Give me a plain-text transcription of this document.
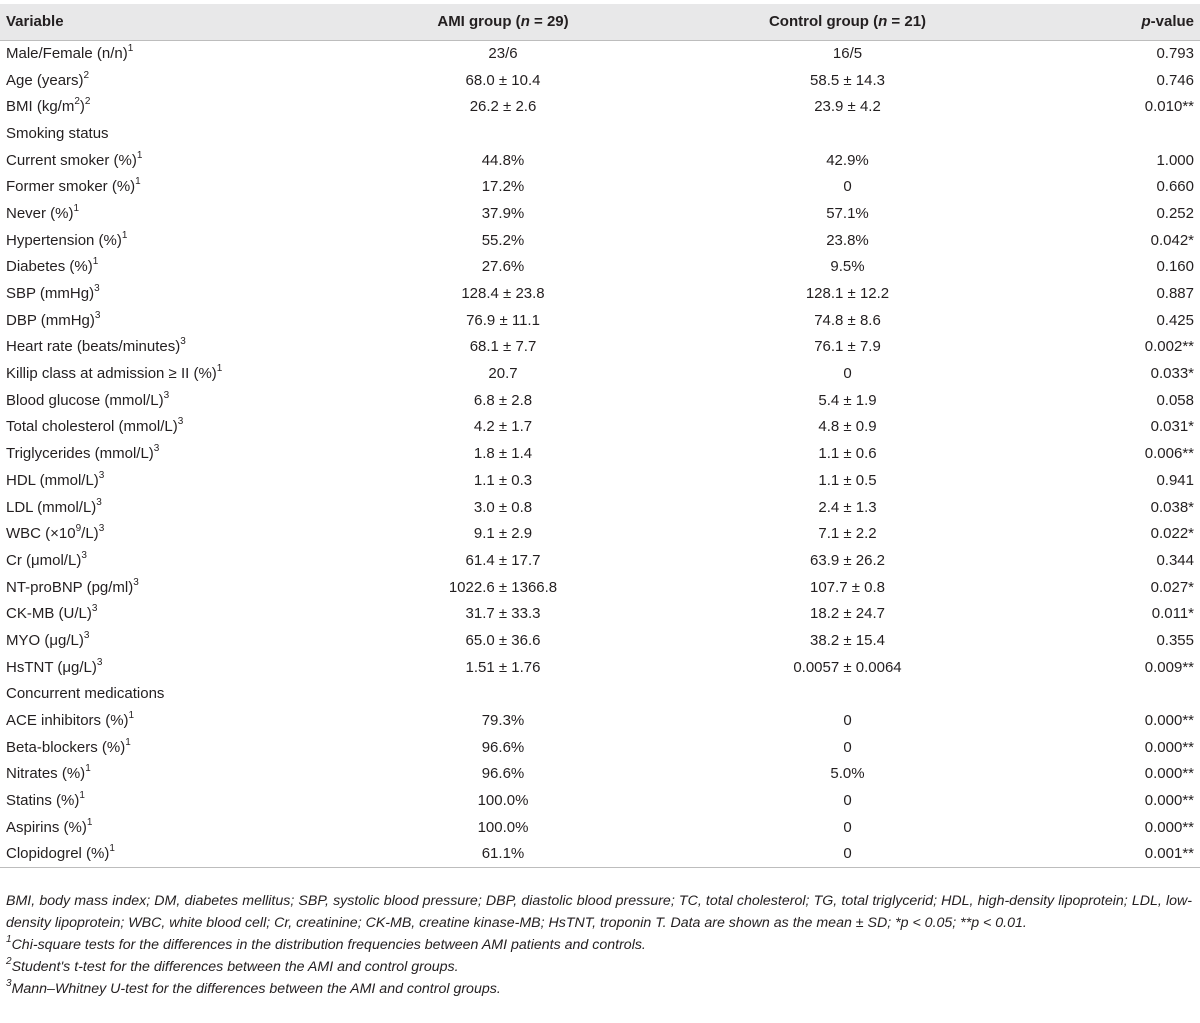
Variable	AMI group (n = 29)	Control group (n = 21)	p-value
Male/Female $(n/n)^1$	23/6	16/5	0.793
Age (years)$^2$	68.0 ± 10.4	58.5 ± 14.3	0.746
BMI $(kg/m^2)^2$	26.2 ± 2.6	23.9 ± 4.2	0.010**
Smoking status			
Current smoker (%)$^1$	44.8%	42.9%	1.000
Former smoker (%)$^1$	17.2%	0	0.660
Never (%)$^1$	37.9%	57.1%	0.252
Hypertension (%)$^1$	55.2%	23.8%	0.042*
Diabetes (%)$^1$	27.6%	9.5%	0.160
SBP (mmHg)$^3$	128.4 ± 23.8	128.1 ± 12.2	0.887
DBP (mmHg)$^3$	76.9 ± 11.1	74.8 ± 8.6	0.425
Heart rate (beats/minutes)$^3$	68.1 ± 7.7	76.1 ± 7.9	0.002**
Killip class at admission ≥ II (%)$^1$	20.7	0	0.033*
Blood glucose (mmol/L)$^3$	6.8 ± 2.8	5.4 ± 1.9	0.058
Total cholesterol (mmol/L)$^3$	4.2 ± 1.7	4.8 ± 0.9	0.031*
Triglycerides (mmol/L)$^3$	1.8 ± 1.4	1.1 ± 0.6	0.006**
HDL (mmol/L)$^3$	1.1 ± 0.3	1.1 ± 0.5	0.941
LDL (mmol/L)$^3$	3.0 ± 0.8	2.4 ± 1.3	0.038*
WBC $(\times 10^9/L)^3$	9.1 ± 2.9	7.1 ± 2.2	0.022*
Cr $(\mu mol/L)^3$	61.4 ± 17.7	63.9 ± 26.2	0.344
NT-proBNP $(pg/ml)^3$	1022.6 ± 1366.8	107.7 ± 0.8	0.027*
CK-MB $(U/L)^3$	31.7 ± 33.3	18.2 ± 24.7	0.011*
MYO $(\mu g/L)^3$	65.0 ± 36.6	38.2 ± 15.4	0.355
HsTNT $(\mu g/L)^3$	1.51 ± 1.76	0.0057 ± 0.0064	0.009**
Concurrent medications			
ACE inhibitors (%)$^1$	79.3%	0	0.000**
Beta-blockers (%)$^1$	96.6%	0	0.000**
Nitrates (%)$^1$	96.6%	5.0%	0.000**
Statins (%)$^1$	100.0%	0	0.000**
Aspirins (%)$^1$	100.0%	0	0.000**
Clopidogrel (%)$^1$	61.1%	0	0.001**

BMI, body mass index; DM, diabetes mellitus; SBP, systolic blood pressure; DBP, diastolic blood pressure; TC, total cholesterol; TG, total triglycerid; HDL, high-density lipoprotein; LDL, low-density lipoprotein; WBC, white blood cell; Cr, creatinine; CK-MB, creatine kinase-MB; HsTNT, troponin T. Data are shown as the mean ± SD; *p < 0.05; **p < 0.01.

$^1$Chi-square tests for the differences in the distribution frequencies between AMI patients and controls.

$^2$Student's t-test for the differences between the AMI and control groups.

$^3$Mann–Whitney U-test for the differences between the AMI and control groups.
